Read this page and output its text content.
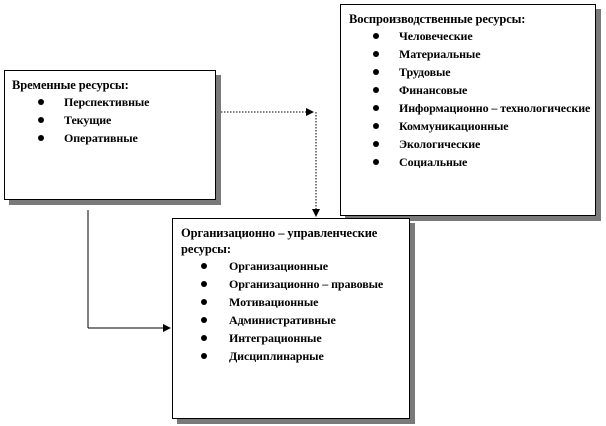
Временные ресурсы:
Перспективные
Текущие
Оперативные
Воспроизводственные ресурсы:
Человеческие
Материальные
Трудовые
Финансовые
Информационно – технологические
Коммуникационные
Экологические
Социальные
Организационно – управленческие ресурсы:
Организационные
Организационно – правовые
Мотивационные
Административные
Интеграционные
Дисциплинарные
